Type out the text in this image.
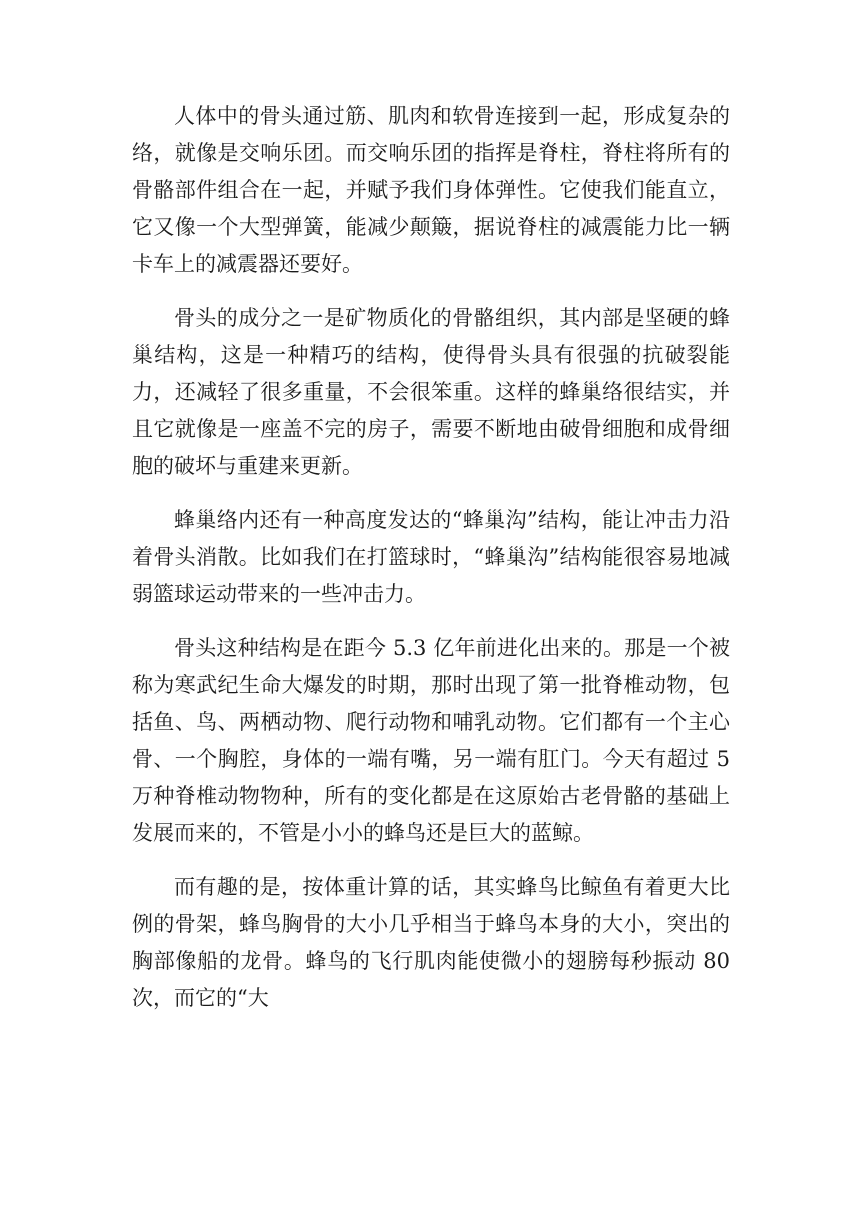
人体中的骨头通过筋、肌肉和软骨连接到一起，形成复杂的络，就像是交响乐团。而交响乐团的指挥是脊柱，脊柱将所有的骨骼部件组合在一起，并赋予我们身体弹性。它使我们能直立，它又像一个大型弹簧，能减少颠簸，据说脊柱的减震能力比一辆卡车上的减震器还要好。

骨头的成分之一是矿物质化的骨骼组织，其内部是坚硬的蜂巢结构，这是一种精巧的结构，使得骨头具有很强的抗破裂能力，还减轻了很多重量，不会很笨重。这样的蜂巢络很结实，并且它就像是一座盖不完的房子，需要不断地由破骨细胞和成骨细胞的破坏与重建来更新。

蜂巢络内还有一种高度发达的“蜂巢沟”结构，能让冲击力沿着骨头消散。比如我们在打篮球时，“蜂巢沟”结构能很容易地减弱篮球运动带来的一些冲击力。

骨头这种结构是在距今 5.3 亿年前进化出来的。那是一个被称为寒武纪生命大爆发的时期，那时出现了第一批脊椎动物，包括鱼、鸟、两栖动物、爬行动物和哺乳动物。它们都有一个主心骨、一个胸腔，身体的一端有嘴，另一端有肛门。今天有超过 5 万种脊椎动物物种，所有的变化都是在这原始古老骨骼的基础上发展而来的，不管是小小的蜂鸟还是巨大的蓝鲸。

而有趣的是，按体重计算的话，其实蜂鸟比鲸鱼有着更大比例的骨架，蜂鸟胸骨的大小几乎相当于蜂鸟本身的大小，突出的胸部像船的龙骨。蜂鸟的飞行肌肉能使微小的翅膀每秒振动 80 次，而它的“大
